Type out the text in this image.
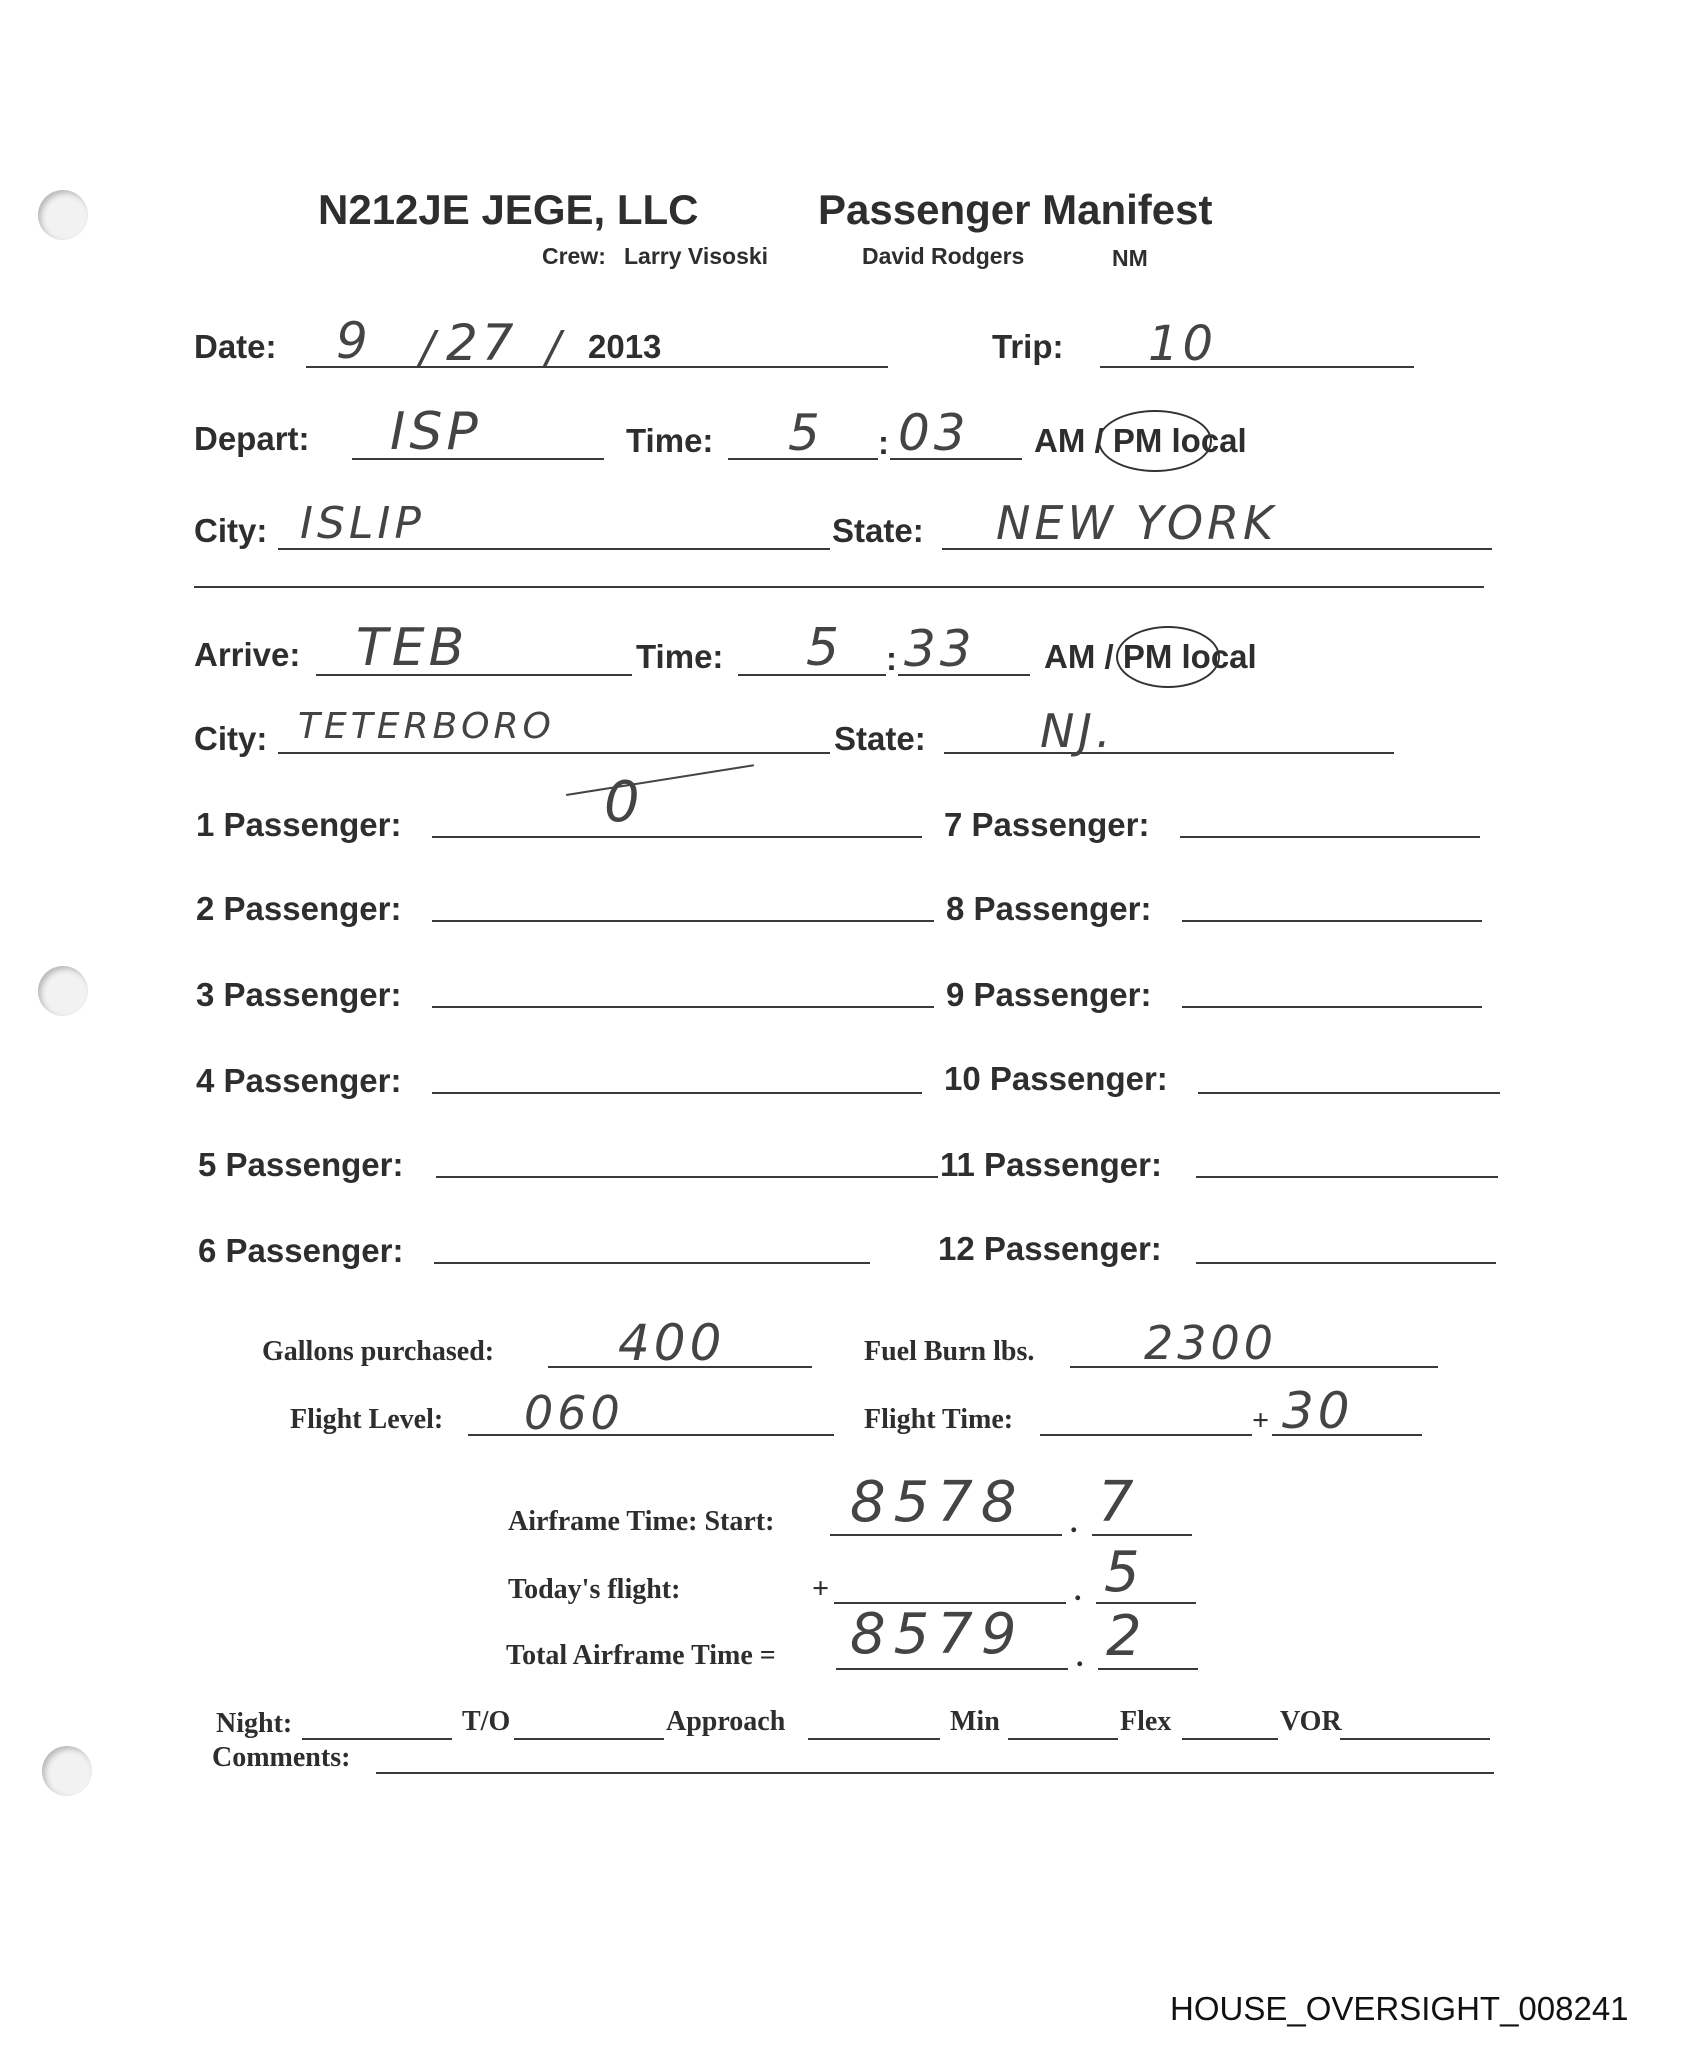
N212JE JEGE, LLC	Passenger Manifest
Crew: Larry Visoski	David Rodgers	NM
Date: 9 / 27 / 2013	Trip: 10
Depart: ISP	Time: 5 : 03 AM / PM local
City: ISLIP	State: NEW YORK
Arrive: TEB	Time: 5 : 33 AM / PM local
City: TETERBORO	State: NJ.
1 Passenger:	0
2 Passenger:
3 Passenger:
4 Passenger:
5 Passenger:
6 Passenger:
7 Passenger:
8 Passenger:
9 Passenger:
10 Passenger:
11 Passenger:
12 Passenger:
Gallons purchased: 400	Fuel Burn lbs. 2300
Flight Level: 060	Flight Time:	+ 30
Airframe Time: Start: 8578 . 7
Today's flight:	+	. 5
Total Airframe Time = 8579 . 2
Night:	T/O	Approach	Min	Flex	VOR
Comments:
HOUSE_OVERSIGHT_008241
